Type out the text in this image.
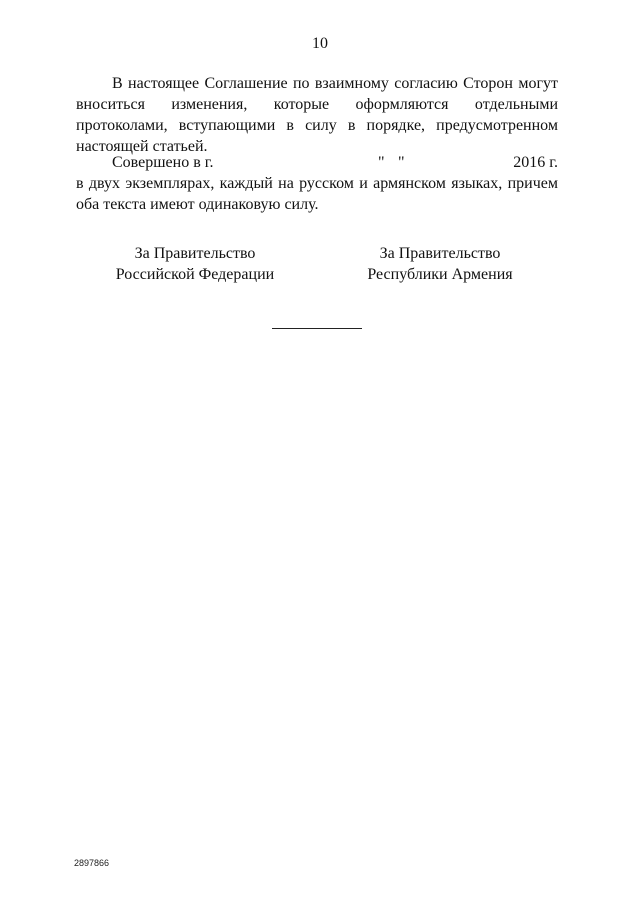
10
В настоящее Соглашение по взаимному согласию Сторон могут вноситься изменения, которые оформляются отдельными протоколами, вступающими в силу в порядке, предусмотренном настоящей статьей.
Совершено в г.	" "	2016 г.
в двух экземплярах, каждый на русском и армянском языках, причем оба текста имеют одинаковую силу.
За Правительство
Российской Федерации
За Правительство
Республики Армения
2897866
